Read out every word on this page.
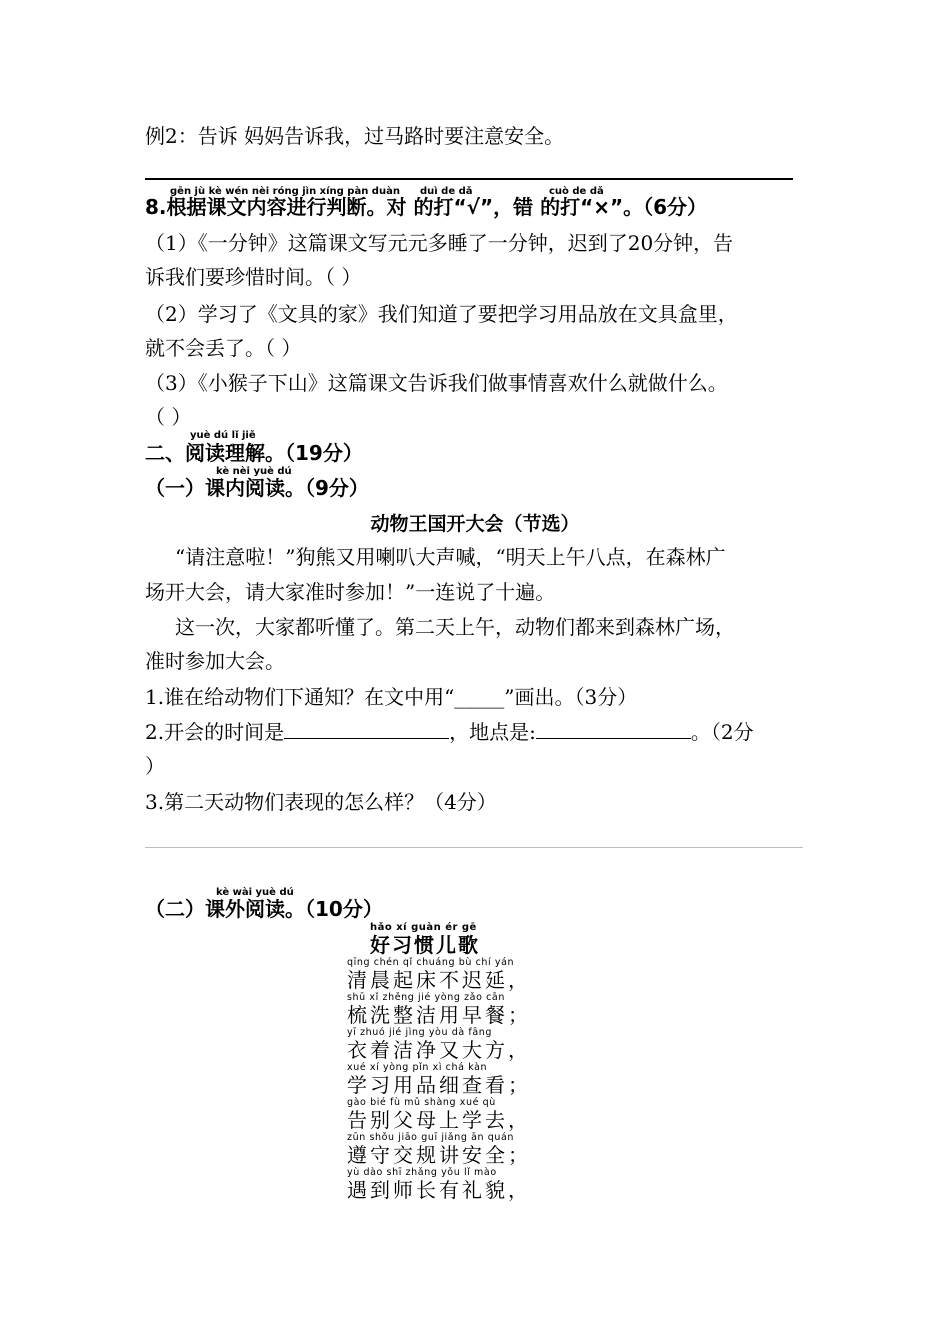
例2：告诉 妈妈告诉我，过马路时要注意安全。
gēn jù kè wén nèi róng jìn xíng pàn duàn duì de dǎ	cuò de dǎ
8.根据课文内容进行判断。对 的打“√”，错 的打“×”。（6分）
（1）《一分钟》这篇课文写元元多睡了一分钟，迟到了20分钟，告
诉我们要珍惜时间。（ ）
（2）学习了《文具的家》我们知道了要把学习用品放在文具盒里，
就不会丢了。（ ）
（3）《小猴子下山》这篇课文告诉我们做事情喜欢什么就做什么。
（ ）
yuè dú lǐ jiě
二、阅读理解。（19分）
kè nèi yuè dú
（一）课内阅读。（9分）
动物王国开大会（节选）
“请注意啦！”狗熊又用喇叭大声喊，“明天上午八点，在森林广
场开大会，请大家准时参加！”一连说了十遍。
这一次，大家都听懂了。第二天上午，动物们都来到森林广场，
准时参加大会。
1.谁在给动物们下通知？在文中用“_____”画出。（3分）
2.开会的时间是	，地点是:	。（2分
）
3.第二天动物们表现的怎么样？（4分）
kè wài yuè dú
（二）课外阅读。（10分）
hǎo xí guàn ér gē
好习惯儿歌
qīng chén qǐ chuáng bù chí yán
清晨起床不迟延，
shū xǐ zhěng jié yòng zǎo cān
梳洗整洁用早餐；
yī zhuó jié jìng yòu dà fāng
衣着洁净又大方，
xué xí yòng pǐn xì chá kàn
学习用品细查看；
gào bié fù mǔ shàng xué qù
告别父母上学去，
zūn shǒu jiāo guī jiǎng ān quán
遵守交规讲安全；
yù dào shī zhǎng yǒu lǐ mào
遇到师长有礼貌，
